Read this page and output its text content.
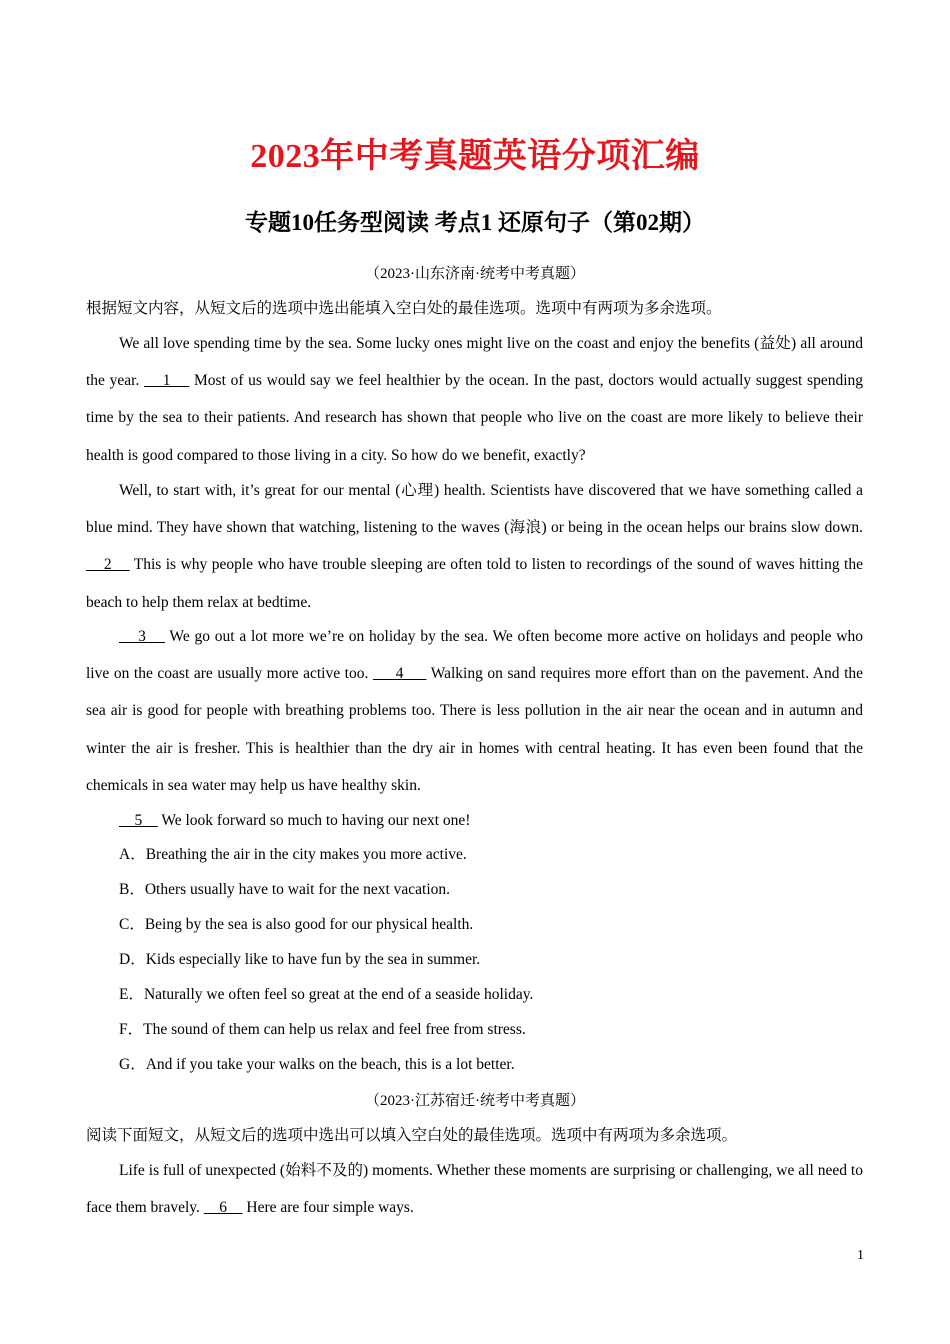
2023年中考真题英语分项汇编
专题10任务型阅读 考点1 还原句子（第02期）
（2023·山东济南·统考中考真题）
根据短文内容，从短文后的选项中选出能填入空白处的最佳选项。选项中有两项为多余选项。
We all love spending time by the sea. Some lucky ones might live on the coast and enjoy the benefits (益处) all around the year.     1     Most of us would say we feel healthier by the ocean. In the past, doctors would actually suggest spending time by the sea to their patients. And research has shown that people who live on the coast are more likely to believe their health is good compared to those living in a city. So how do we benefit, exactly?
Well, to start with, it’s great for our mental (心理) health. Scientists have discovered that we have something called a blue mind. They have shown that watching, listening to the waves (海浪) or being in the ocean helps our brains slow down.     2     This is why people who have trouble sleeping are often told to listen to recordings of the sound of waves hitting the beach to help them relax at bedtime.
3     We go out a lot more we’re on holiday by the sea. We often become more active on holidays and people who live on the coast are usually more active too.      4      Walking on sand requires more effort than on the pavement. And the sea air is good for people with breathing problems too. There is less pollution in the air near the ocean and in autumn and winter the air is fresher. This is healthier than the dry air in homes with central heating. It has even been found that the chemicals in sea water may help us have healthy skin.
5     We look forward so much to having our next one!
A．Breathing the air in the city makes you more active.
B．Others usually have to wait for the next vacation.
C．Being by the sea is also good for our physical health.
D．Kids especially like to have fun by the sea in summer.
E．Naturally we often feel so great at the end of a seaside holiday.
F．The sound of them can help us relax and feel free from stress.
G．And if you take your walks on the beach, this is a lot better.
（2023·江苏宿迁·统考中考真题）
阅读下面短文，从短文后的选项中选出可以填入空白处的最佳选项。选项中有两项为多余选项。
Life is full of unexpected (始料不及的) moments. Whether these moments are surprising or challenging, we all need to face them bravely.     6     Here are four simple ways.
1
